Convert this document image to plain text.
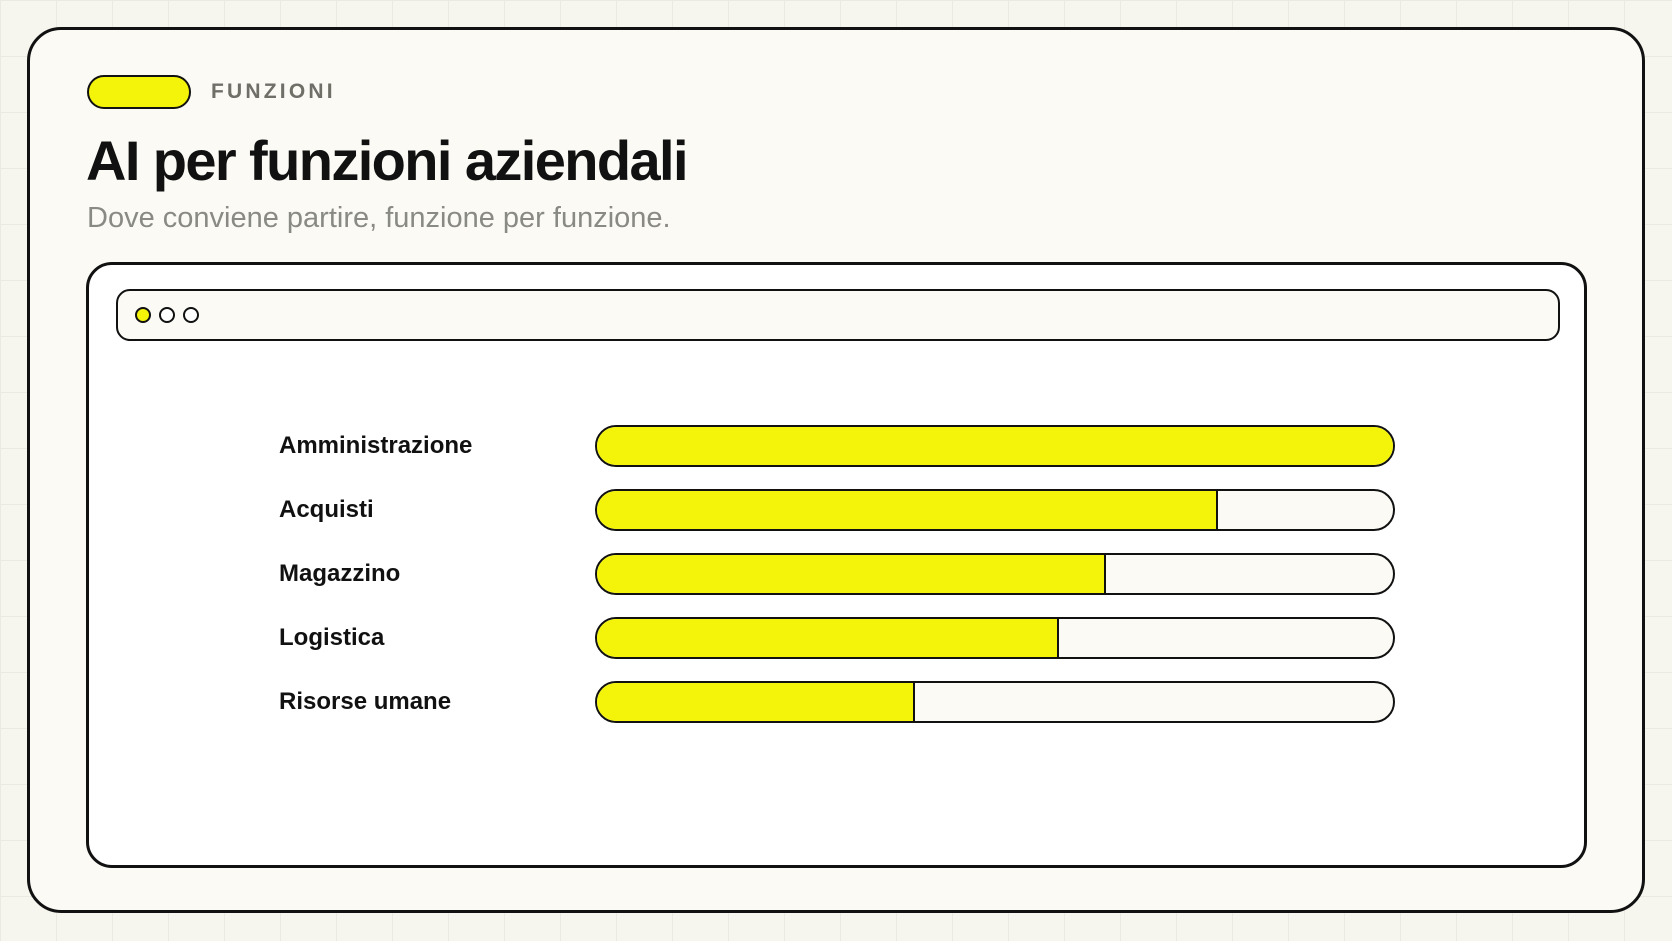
FUNZIONI
AI per funzioni aziendali
Dove conviene partire, funzione per funzione.
Amministrazione
Acquisti
Magazzino
Logistica
Risorse umane
